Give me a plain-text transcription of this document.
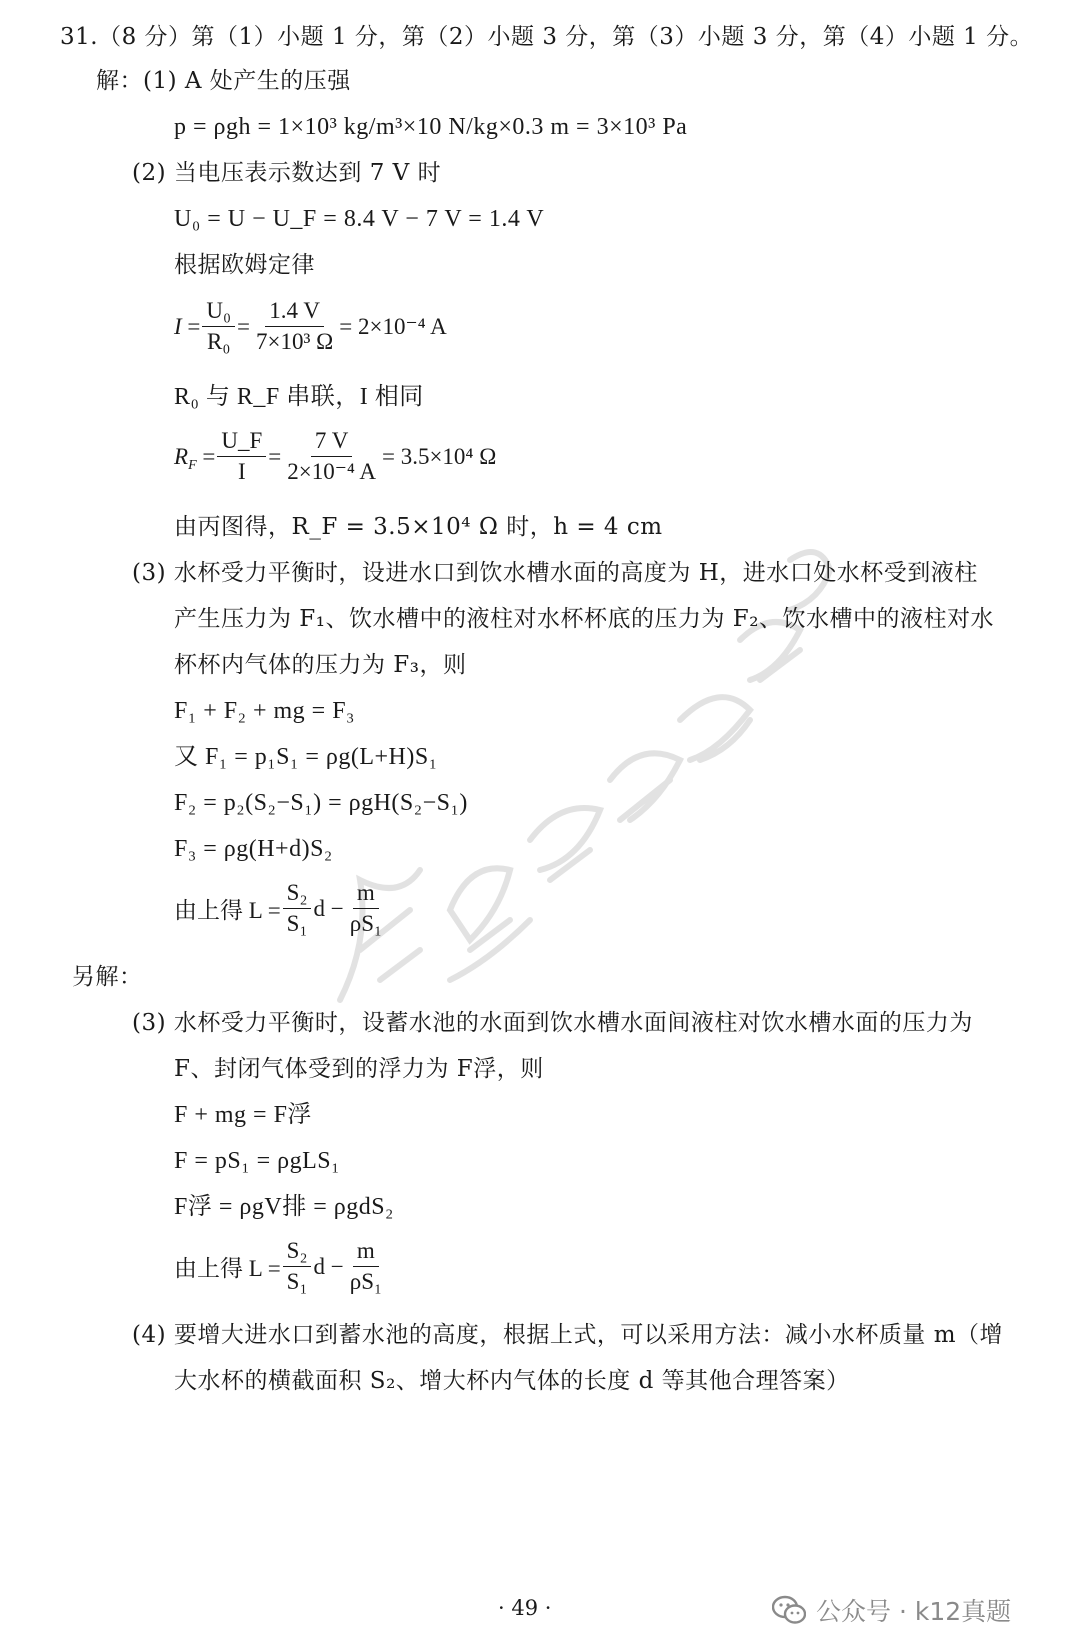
31.（8 分）第（1）小题 1 分，第（2）小题 3 分，第（3）小题 3 分，第（4）小题 1 分。
解：(1) A 处产生的压强
p = ρgh = 1×10³ kg/m³×10 N/kg×0.3 m = 3×10³ Pa
(2) 当电压表示数达到 7 V 时
U₀ = U − U_F = 8.4 V − 7 V = 1.4 V
根据欧姆定律
$I = \frac{\text{U₀}}{\text{R₀}} = \frac{1.4 V}{\text{7×10³ Ω}} = 2\times 10^{-4}$ A
R₀ 与 R_F 串联，I 相同
$R_F = \frac{U\_F}{I} = \frac{7 V}{\text{2×10⁻⁴ A}} = 3.5\times 10^4$ Ω
由丙图得，R_F = 3.5×10⁴ Ω 时，h = 4 cm
(3) 水杯受力平衡时，设进水口到饮水槽水面的高度为 H，进水口处水杯受到液柱
产生压力为 F₁、饮水槽中的液柱对水杯杯底的压力为 F₂、饮水槽中的液柱对水
杯杯内气体的压力为 F₃，则
F₁ + F₂ + mg = F₃
又 F₁ = p₁S₁ = ρg(L+H)S₁
F₂ = p₂(S₂−S₁) = ρgH(S₂−S₁)
F₃ = ρg(H+d)S₂
由上得 $L = \frac{\text{S₂}}{\text{S₁}}$ $d - \frac{m}{\text{ρS₁}}$
另解：
(3) 水杯受力平衡时，设蓄水池的水面到饮水槽水面间液柱对饮水槽水面的压力为
F、封闭气体受到的浮力为 F浮，则
F + mg = F浮
F = pS₁ = ρgLS₁
F浮 = ρgV排 = ρgdS₂
由上得 $L = \frac{\text{S₂}}{\text{S₁}}$ $d - \frac{m}{\text{ρS₁}}$
(4) 要增大进水口到蓄水池的高度，根据上式，可以采用方法：减小水杯质量 m（增
大水杯的横截面积 S₂、增大杯内气体的长度 d 等其他合理答案）
· 49 ·	公众号 · k12真题
